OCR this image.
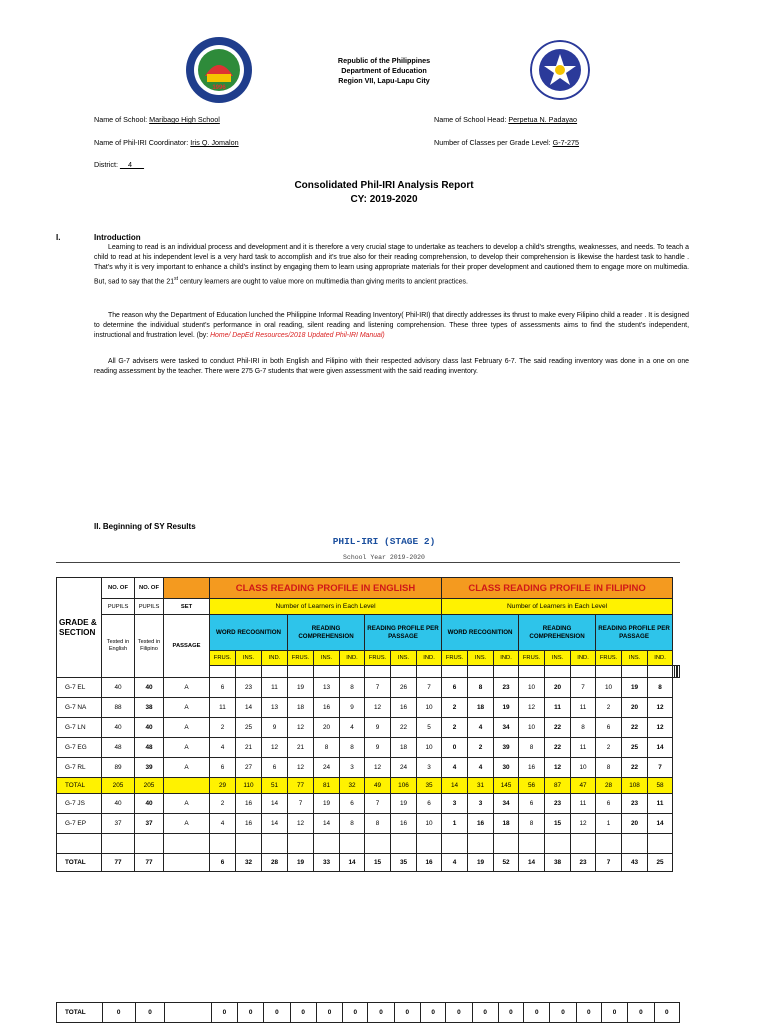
1996
Republic of the Philippines
Department of Education
Region VII, Lapu-Lapu City
Name of School: Maribago High School	Name of School Head: Perpetua N. Padayao
Name of Phil-IRI Coordinator: Iris Q. Jomalon	Number of Classes per Grade Level: G-7-275
District: __4___
Consolidated Phil-IRI Analysis Report
CY: 2019-2020
I.	Introduction
Learning to read is an individual process and development and it is therefore a very crucial stage to undertake as teachers to develop a child’s strengths, weaknesses, and needs. To teach a child to read at his independent level is a very hard task to accomplish and it’s true also for their reading comprehension, to develop their comprehension is likewise the hardest task to handle . That’s why it is very important to enhance a child’s instinct by engaging them to learn using appropriate materials for their proper development and cautioned them to engage more on multimedia. But, sad to say that the 21st century learners are ought to value more on multimedia than giving merits to ancient practices.
The reason why the Department of Education lunched the Philippine Informal Reading Inventory( Phil-IRI) that directly addresses its thrust to make every Filipino child a reader . It is designed to determine the individual student’s performance in oral reading, silent reading and listening comprehension. These three types of assessments aims to find the student’s independent, instructional and frustration level. (by: Home/ DepEd Resources/2018 Updated Phil-IRI Manual)
All G-7 advisers were tasked to conduct Phil-IRI in both English and Filipino with their respected advisory class last February 6-7. The said reading inventory was done in a one on one reading assessment by the teacher. There were 275 G-7 students that were given assessment with the said reading inventory.
II. Beginning of SY Results
PHIL-IRI (STAGE 2)
School Year 2019-2020
GRADE & SECTION	NO. OF	NO. OF		CLASS READING PROFILE IN ENGLISH									CLASS READING PROFILE IN FILIPINO											
	PUPILS	PUPILS	SET	Number of Learners in Each Level									Number of Learners in Each Level											
	Tested in English	Tested in Filipino	PASSAGE	WORD RECOGNITION			READING COMPREHENSION			READING PROFILE PER PASSAGE			WORD RECOGNITION			READING COMPREHENSION			READING PROFILE PER PASSAGE					
				FRUS.	INS.	IND.	FRUS.	INS.	IND.	FRUS.	INS.	IND.	FRUS.	INS.	IND.	FRUS.	INS.	IND.	FRUS.	INS.	IND.			

G-7 EL	40	40	A	6	23	11	19	13	8	7	26	7	6	8	23	10	20	7	10	19	8			
G-7 NA	88	38	A	11	14	13	18	16	9	12	16	10	2	18	19	12	11	11	2	20	12			
G-7 LN	40	40	A	2	25	9	12	20	4	9	22	5	2	4	34	10	22	8	6	22	12			
G-7 EG	48	48	A	4	21	12	21	8	8	9	18	10	0	2	39	8	22	11	2	25	14			
G-7 RL	89	39	A	6	27	6	12	24	3	12	24	3	4	4	30	16	12	10	8	22	7			
TOTAL	205	205		29	110	51	77	81	32	49	106	35	14	31	145	56	87	47	28	108	58			
G-7 JS	40	40	A	2	16	14	7	19	6	7	19	6	3	3	34	6	23	11	6	23	11			
G-7 EP	37	37	A	4	16	14	12	14	8	8	16	10	1	16	18	8	15	12	1	20	14			

TOTAL	77	77		6	32	28	19	33	14	15	35	16	4	19	52	14	38	23	7	43	25			
TOTAL	0	0		0	0	0	0	0	0	0	0	0	0	0	0	0	0	0	0	0	0
